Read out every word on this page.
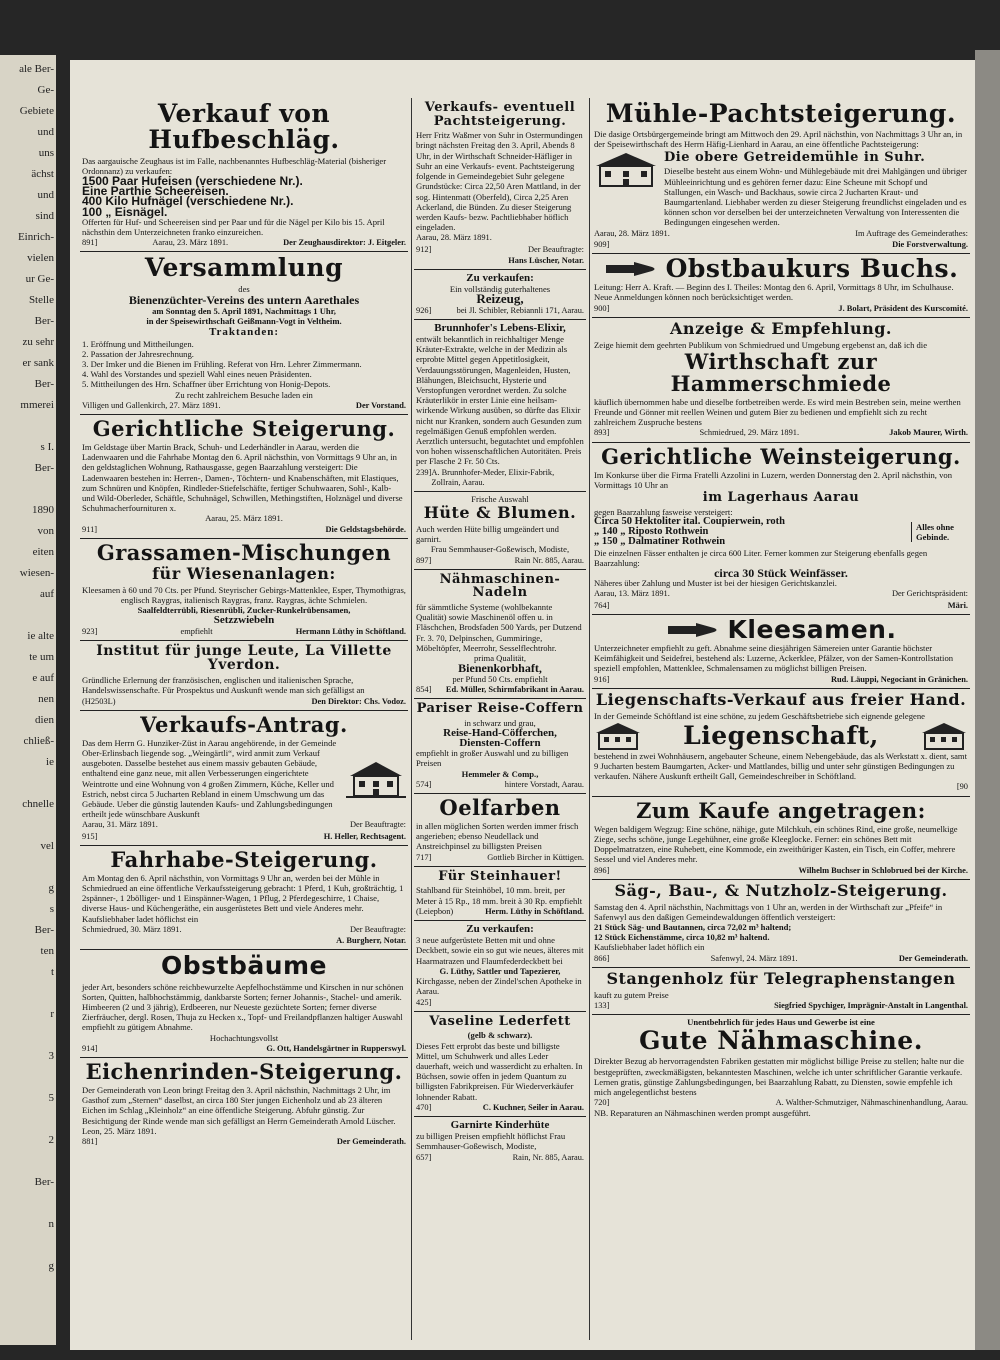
ale Ber-
Ge-
Gebiete
und
uns
ächst
und
sind
Einrich-
vielen
ur Ge-
Stelle
Ber-
zu sehr
er sank
Ber-
mmerei
s I.
Ber-
1890
von
eiten
wiesen-
auf
ie alte
te um
e auf
nen
dien
chließ-
ie
chnelle
vel
g
s
Ber-
ten
t
r
3
5
2
Ber-
n
g
Verkauf von Hufbeschläg.

Das aargauische Zeughaus ist im Falle, nachbenanntes Hufbeschläg-Material (bisheriger Ordonnanz) zu verkaufen:

1500 Paar Hufeisen (verschiedene Nr.).
Eine Parthie Scheereisen.
400 Kilo Hufnägel (verschiedene Nr.).
100 „ Eisnägel.

Offerten für Huf- und Scheereisen sind per Paar und für die Nägel per Kilo bis 15. April nächsthin dem Unterzeichneten franko einzureichen.

891]	Aarau, 23. März 1891.	Der Zeughausdirektor: J. Eitgeler.
Versammlung
des
Bienenzüchter-Vereins des untern Aarethales
am Sonntag den 5. April 1891, Nachmittags 1 Uhr,
in der Speisewirthschaft Geißmann-Vogt in Veltheim.
Traktanden:

1. Eröffnung und Mittheilungen.

2. Passation der Jahresrechnung.

3. Der Imker und die Bienen im Frühling. Referat von Hrn. Lehrer Zimmermann.

4. Wahl des Vorstandes und speziell Wahl eines neuen Präsidenten.

5. Mittheilungen des Hrn. Schaffner über Errichtung von Honig-Depots.

Zu recht zahlreichem Besuche laden ein

Villigen und Gallenkirch, 27. März 1891.	Der Vorstand.
Gerichtliche Steigerung.

Im Geldstage über Martin Brack, Schuh- und Lederhändler in Aarau, werden die Ladenwaaren und die Fahrhabe Montag den 6. April nächsthin, von Vormittags 9 Uhr an, in den geldstaglichen Wohnung, Rathausgasse, gegen Baarzahlung versteigert: Die Ladenwaaren bestehen in: Herren-, Damen-, Töchtern- und Knabenschäften, mit Elastiques, zum Schnüren und Knöpfen, Rindleder-Stiefelschäfte, fertiger Schuhwaaren, Sohl-, Kalb- und Wild-Oberleder, Schäftle, Schuhnägel, Schwillen, Methingstiften, Holznägel und diverse Schuhmacherfournituren x.

Aarau, 25. März 1891.

911]	Die Geldstagsbehörde.
Grassamen-Mischungen
für Wiesenanlagen:

Kleesamen à 60 und 70 Cts. per Pfund. Steyrischer Gebirgs-Mattenklee, Esper, Thymothigras, englisch Raygras, italienisch Raygras, franz. Raygras, ächte Schmielen.

Saalfeldterrübli, Riesenrübli, Zucker-Runkelrübensamen,

Setzzwiebeln

923]	empfiehlt	Hermann Lüthy in Schöftland.
Institut für junge Leute, La Villette Yverdon.

Gründliche Erlernung der französischen, englischen und italienischen Sprache, Handelswissenschafte. Für Prospektus und Auskunft wende man sich gefälligst an

(H2503L)	Den Direktor: Chs. Vodoz.
Verkaufs-Antrag.

Das dem Herrn G. Hunziker-Züst in Aarau angehörende, in der Gemeinde Ober-Erlinsbach liegende sog. „Weingärtli“, wird anmit zum Verkauf ausgeboten. Dasselbe bestehet aus einem massiv gebauten Gebäude, enthaltend eine ganz neue, mit allen Verbesserungen eingerichtete Weintrotte und eine Wohnung von 4 großen Zimmern, Küche, Keller und Estrich, nebst circa 5 Jucharten Rebland in einem Umschwung um das Gebäude. Ueber die günstig lautenden Kaufs- und Zahlungsbedingungen ertheilt jede wünschbare Auskunft

Aarau, 31. März 1891.	Der Beauftragte:
915]	H. Heller, Rechtsagent.
Fahrhabe-Steigerung.

Am Montag den 6. April nächsthin, von Vormittags 9 Uhr an, werden bei der Mühle in Schmiedrued an eine öffentliche Verkaufssteigerung gebracht: 1 Pferd, 1 Kuh, großträchtig, 1 2spänner-, 1 2bölliger- und 1 Einspänner-Wagen, 1 Pflug, 2 Pferdegeschirre, 1 Chaise, diverse Haus- und Küchengeräthe, ein ausgerüstetes Bett und viele Anderes mehr. Kaufsliebhaber ladet höflichst ein

Schmiedrued, 30. März 1891.	Der Beauftragte:
A. Burgherr, Notar.
Obstbäume

jeder Art, besonders schöne reichbewurzelte Aepfelhochstämme und Kirschen in nur schönen Sorten, Quitten, halbhochstämmig, dankbarste Sorten; ferner Johannis-, Stachel- und amerik. Himbeeren (2 und 3 jährig), Erdbeeren, nur Neueste gezüchtete Sorten; ferner diverse Zierfräucher, dergl. Rosen, Thuja zu Hecken x., Topf- und Freilandpflanzen haltiger Auswahl empfiehlt zu gütigem Abnahme.

Hochachtungsvollst

914]	G. Ott, Handelsgärtner in Rupperswyl.
Eichenrinden-Steigerung.

Der Gemeinderath von Leon bringt Freitag den 3. April nächsthin, Nachmittags 2 Uhr, im Gasthof zum „Sternen“ daselbst, an circa 180 Ster jungen Eichenholz und ab 23 älteren Eichen im Schlag „Kleinholz“ an eine öffentliche Steigerung. Abfuhr günstig. Zur Besichtigung der Rinde wende man sich gefälligst an Herrn Gemeinderath Arnold Lüscher.

Leon, 25. März 1891.

881]	Der Gemeinderath.
Verkaufs- eventuell Pachtsteigerung.

Herr Fritz Waßmer von Suhr in Ostermundingen bringt nächsten Freitag den 3. April, Abends 8 Uhr, in der Wirthschaft Schneider-Häfliger in Suhr an eine Verkaufs- event. Pachtsteigerung folgende in Gemeindegebiet Suhr gelegene Grundstücke: Circa 22,50 Aren Mattland, in der sog. Hintenmatt (Oberfeld), Circa 2,25 Aren Ackerland, die Bünden. Zu dieser Steigerung werden Kaufs- bezw. Pachtliebhaber höflich eingeladen.

Aarau, 28. März 1891.
912]	Der Beauftragte:
Hans Lüscher, Notar.
Zu verkaufen:

Ein vollständig guterhaltenes

Reizeug,
926]	bei Jl. Schibler, Rebiannli 171, Aarau.
Brunnhofer's Lebens-Elixir,

entwält bekanntlich in reichhaltiger Menge Kräuter-Extrakte, welche in der Medizin als erprobte Mittel gegen Appetitlosigkeit, Verdauungsstörungen, Magenleiden, Husten, Blähungen, Bleichsucht, Hysterie und Verstopfungen verordnet werden. Zu solche Kräuterlikör in erster Linie eine heilsam-wirkende Wirkung ausüben, so dürfte das Elixir nicht nur Kranken, sondern auch Gesunden zum regelmäßigen Genuß empfohlen werden. Aerztlich untersucht, begutachtet und empfohlen von hohen wissenschaftlichen Autoritäten. Preis per Flasche 2 Fr. 50 Cts.

239] A. Brunnhofer-Meder, Elixir-Fabrik, Zollrain, Aarau.
Frische Auswahl
Hüte & Blumen.

Auch werden Hüte billig umgeändert und garnirt.

Frau Semmhauser-Goßewisch, Modiste,

897]	Rain Nr. 885, Aarau.
Nähmaschinen-Nadeln

für sämmtliche Systeme (wohlbekannte Qualität) sowie Maschinenöl offen u. in Fläschchen, Brodsfaden 500 Yards, per Dutzend Fr. 3. 70, Delpinschen, Gummiringe, Möbeltöpfer, Meerrohr, Sesselflechtrohr.

prima Qualität,

Bienenkorbhaft,

per Pfund 50 Cts. empfiehlt

854] Ed. Müller, Schirmfabrikant in Aarau.
Pariser Reise-Coffern

in schwarz und grau,

Reise-Hand-Cöfferchen,
Diensten-Coffern

empfiehlt in großer Auswahl und zu billigen Preisen

Hemmeler & Comp.,

574]	hintere Vorstadt, Aarau.
Oelfarben

in allen möglichen Sorten werden immer frisch angerieben; ebenso Neudellack und Anstreichpinsel zu billigsten Preisen

717]	Gottlieb Bircher in Küttigen.
Für Steinhauer!

Stahlband für Steinhöbel, 10 mm. breit, per Meter à 15 Rp., 18 mm. breit à 30 Rp. empfiehlt

(Leiepbon)	Herm. Lüthy in Schöftland.
Zu verkaufen:

3 neue aufgerüstete Betten mit und ohne Deckbett, sowie ein so gut wie neues, älteres mit Haarmatrazen und Flaumfederdeckbett bei

G. Lüthy, Sattler und Tapezierer,

Kirchgasse, neben der Zindel'schen Apotheke in Aarau.

425]
Vaseline Lederfett
(gelb & schwarz).

Dieses Fett erprobt das beste und billigste Mittel, um Schuhwerk und alles Leder dauerhaft, weich und wasserdicht zu erhalten. In Büchsen, sowie offen in jedem Quantum zu billigsten Fabrikpreisen. Für Wiederverkäufer lohnender Rabatt.

470]	C. Kuchner, Seiler in Aarau.
Garnirte Kinderhüte

zu billigen Preisen empfiehlt höflichst Frau Semmhauser-Goßewisch, Modiste,

657]	Rain, Nr. 885, Aarau.
Mühle-Pachtsteigerung.

Die dasige Ortsbürgergemeinde bringt am Mittwoch den 29. April nächsthin, von Nachmittags 3 Uhr an, in der Speisewirthschaft des Herrn Häfig-Lienhard in Aarau, an eine öffentliche Pachtsteigerung:

Die obere Getreidemühle in Suhr.

Dieselbe besteht aus einem Wohn- und Mühlegebäude mit drei Mahlgängen und übriger Mühleeinrichtung und es gehören ferner dazu: Eine Scheune mit Schopf und Stallungen, ein Wasch- und Backhaus, sowie circa 2 Jucharten Kraut- und Baumgartenland. Liebhaber werden zu dieser Steigerung freundlichst eingeladen und es können schon vor derselben bei der unterzeichneten Verwaltung von Interessenten die Bedingungen eingesehen werden.

Aarau, 28. März 1891.	Im Auftrage des Gemeinderathes:
909]	Die Forstverwaltung.
Obstbaukurs Buchs.

Leitung: Herr A. Kraft. — Beginn des I. Theiles: Montag den 6. April, Vormittags 8 Uhr, im Schulhause. Neue Anmeldungen können noch berücksichtiget werden.

900]	J. Bolart, Präsident des Kurscomité.
Anzeige & Empfehlung.

Zeige hiemit dem geehrten Publikum von Schmiedrued und Umgebung ergebenst an, daß ich die

Wirthschaft zur Hammerschmiede

käuflich übernommen habe und dieselbe fortbetreiben werde. Es wird mein Bestreben sein, meine werthen Freunde und Gönner mit reellen Weinen und gutem Bier zu bedienen und empfiehlt sich zu recht zahlreichem Zuspruche bestens

893]	Schmiedrued, 29. März 1891.	Jakob Maurer, Wirth.
Gerichtliche Weinsteigerung.

Im Konkurse über die Firma Fratelli Azzolini in Luzern, werden Donnerstag den 2. April nächsthin, von Vormittags 10 Uhr an

im Lagerhaus Aarau

gegen Baarzahlung fasweise versteigert:

Circa 50 Hektoliter ital. Coupierwein, roth
„ 140 „ Riposto Rothwein
„ 150 „ Dalmatiner Rothwein
Alles ohne Gebinde.

Die einzelnen Fässer enthalten je circa 600 Liter. Ferner kommen zur Steigerung ebenfalls gegen Baarzahlung:

circa 30 Stück Weinfässer.

Näheres über Zahlung und Muster ist bei der hiesigen Gerichtskanzlei.

Aarau, 13. März 1891.	Der Gerichtspräsident:
764]	Märi.
Kleesamen.

Unterzeichneter empfiehlt zu geft. Abnahme seine diesjährigen Sämereien unter Garantie höchster Keimfähigkeit und Seidefrei, bestehend als: Luzerne, Ackerklee, Pfälzer, von der Samen-Kontrollstation speziell empfohlen, Mattenklee, Schmalensamen zu möglichst billigen Preisen.

916]	Rud. Läuppi, Negociant in Gränichen.
Liegenschafts-Verkauf aus freier Hand.

In der Gemeinde Schöftland ist eine schöne, zu jedem Geschäftsbetriebe sich eignende gelegene

Liegenschaft,

bestehend in zwei Wohnhäusern, angebauter Scheune, einem Nebengebäude, das als Werkstatt x. dient, samt 9 Jucharten bestem Baumgarten, Acker- und Mattlandes, billig und unter sehr günstigen Bedingungen zu verkaufen. Nähere Auskunft ertheilt Gall, Gemeindeschreiber in Schöftland.

[90
Zum Kaufe angetragen:

Wegen baldigem Wegzug: Eine schöne, nähige, gute Milchkuh, ein schönes Rind, eine große, neumelkige Ziege, sechs schöne, junge Legehühner, eine große Kleeglocke. Ferner: ein schönes Bett mit Doppelmatratzen, eine Ruhebett, eine Kommode, ein zweithüriger Kasten, ein Tisch, ein Coffer, mehrere Sessel und viel Anderes mehr.

896]	Wilhelm Buchser in Schlobrued bei der Kirche.
Säg-, Bau-, & Nutzholz-Steigerung.

Samstag den 4. April nächsthin, Nachmittags von 1 Uhr an, werden in der Wirthschaft zur „Pfeife“ in Safenwyl aus den daßigen Gemeindewaldungen öffentlich versteigert:

21 Stück Säg- und Bautannen, circa 72,02 m³ haltend;

12 Stück Eichenstämme, circa 10,82 m³ haltend.

Kaufsliebhaber ladet höflich ein

866]	Safenwyl, 24. März 1891.	Der Gemeinderath.
Stangenholz für Telegraphenstangen

kauft zu gutem Preise

133]	Siegfried Spychiger, Imprägnir-Anstalt in Langenthal.

Unentbehrlich für jedes Haus und Gewerbe ist eine

Gute Nähmaschine.

Direkter Bezug ab hervorragendsten Fabriken gestatten mir möglichst billige Preise zu stellen; halte nur die bestgeprüften, zweckmäßigsten, bekanntesten Maschinen, welche ich unter schriftlicher Garantie verkaufe. Lernen gratis, günstige Zahlungsbedingungen, bei Baarzahlung Rabatt, zu Diensten, sowie empfehle ich mich angelegentlichst bestens

720]	A. Walther-Schmutziger, Nähmaschinenhandlung, Aarau.

NB. Reparaturen an Nähmaschinen werden prompt ausgeführt.
